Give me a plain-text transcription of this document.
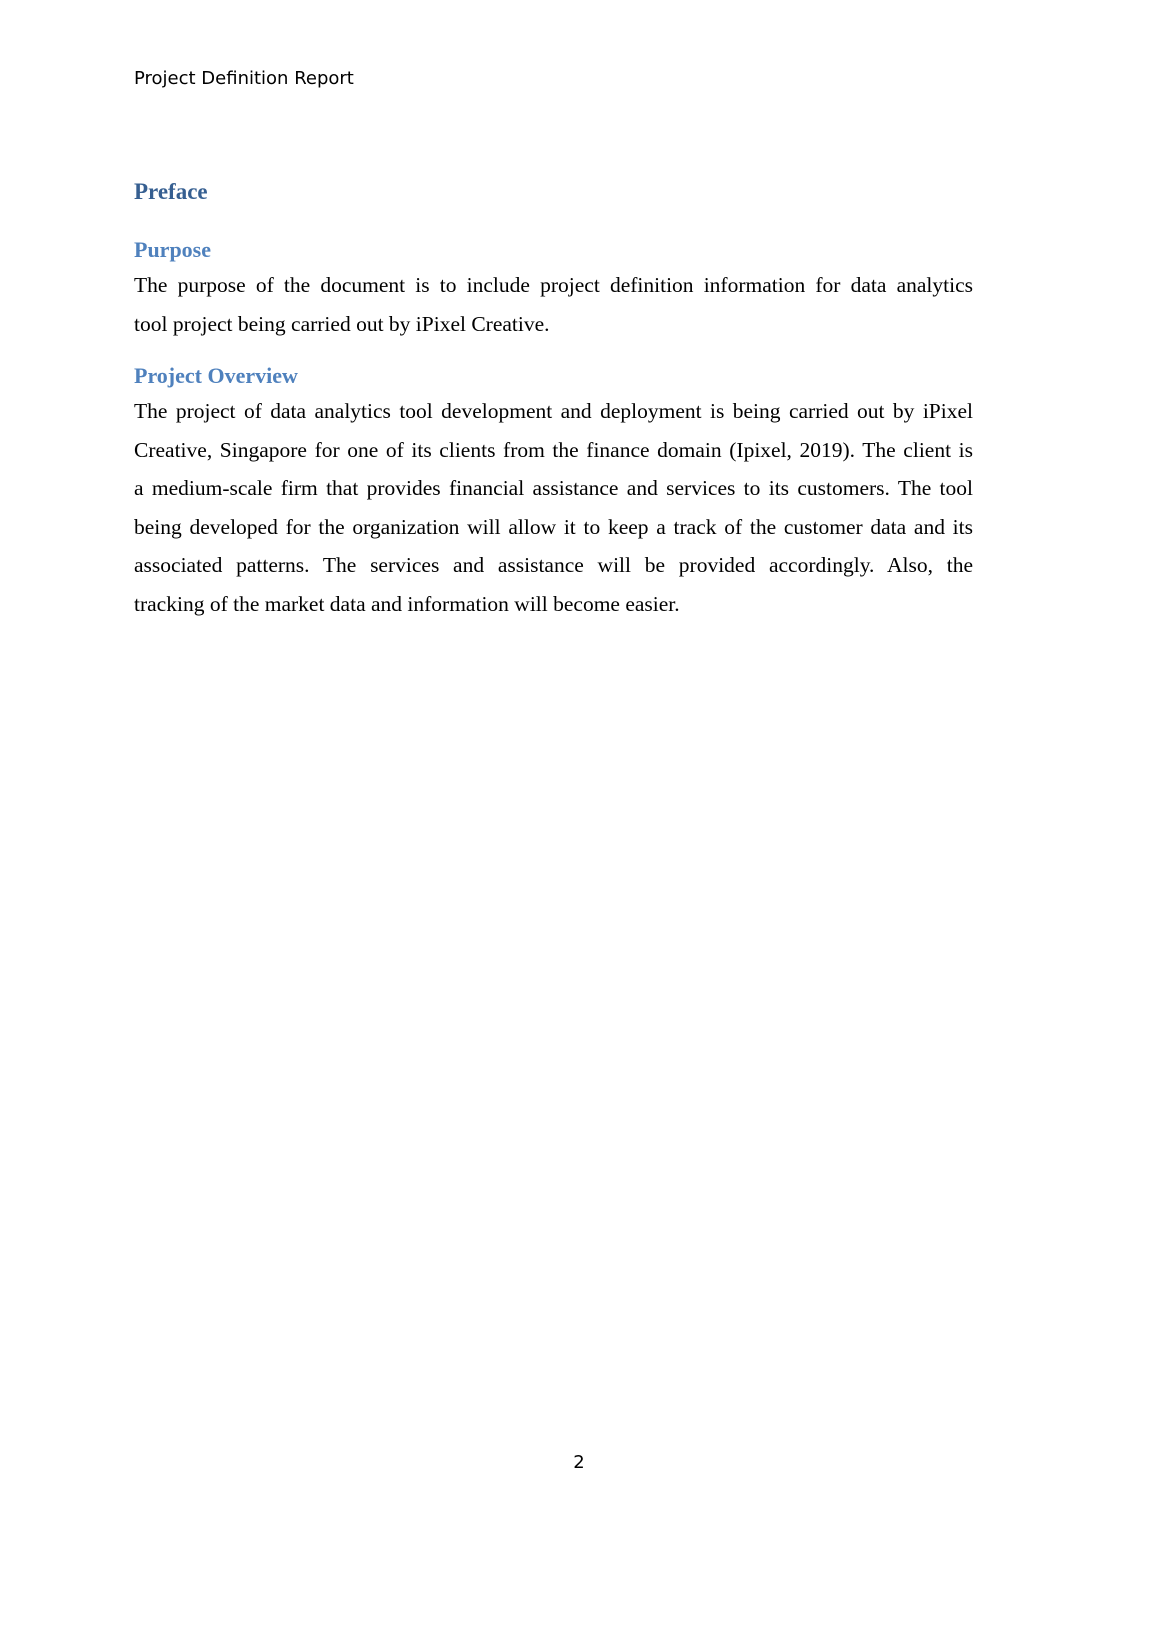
Project Definition Report
Preface
Purpose

The purpose of the document is to include project definition information for data analytics
tool project being carried out by iPixel Creative.

Project Overview

The project of data analytics tool development and deployment is being carried out by iPixel
Creative, Singapore for one of its clients from the finance domain (Ipixel, 2019). The client is
a medium-scale firm that provides financial assistance and services to its customers. The tool
being developed for the organization will allow it to keep a track of the customer data and its
associated patterns. The services and assistance will be provided accordingly. Also, the
tracking of the market data and information will become easier.

2
